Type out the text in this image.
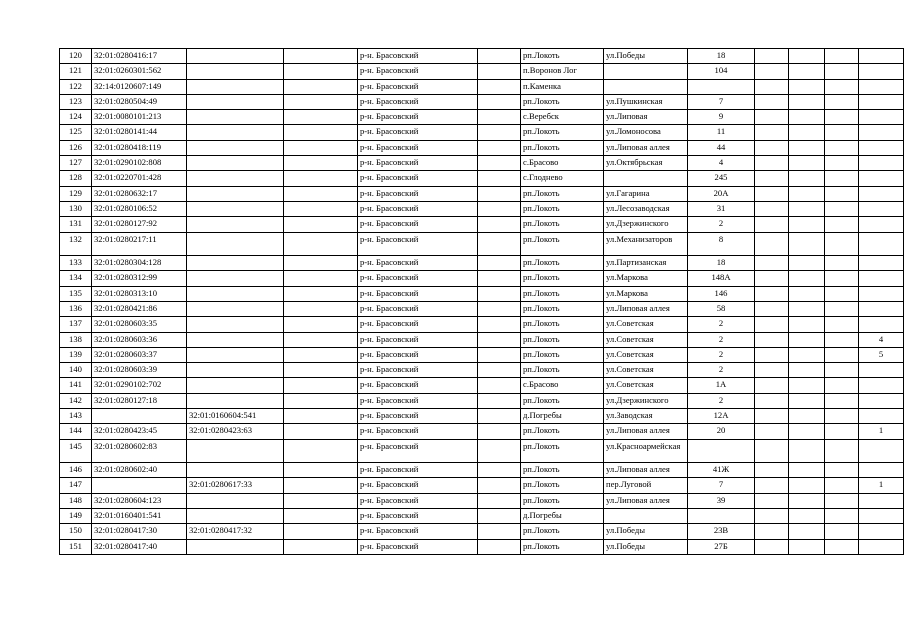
120	32:01:0280416:17			р-н. Брасовский		рп.Локоть	ул.Победы	18				
121	32:01:0260301:562			р-н. Брасовский		п.Воронов Лог		104				
122	32:14:0120607:149			р-н. Брасовский		п.Каменка						
123	32:01:0280504:49			р-н. Брасовский		рп.Локоть	ул.Пушкинская	7				
124	32:01:0080101:213			р-н. Брасовский		с.Веребск	ул.Липовая	9				
125	32:01:0280141:44			р-н. Брасовский		рп.Локоть	ул.Ломоносова	11				
126	32:01:0280418:119			р-н. Брасовский		рп.Локоть	ул.Липовая аллея	44				
127	32:01:0290102:808			р-н. Брасовский		с.Брасово	ул.Октябрьская	4				
128	32:01:0220701:428			р-н. Брасовский		с.Глоднево		245				
129	32:01:0280632:17			р-н. Брасовский		рп.Локоть	ул.Гагарина	20А				
130	32:01:0280106:52			р-н. Брасовский		рп.Локоть	ул.Лесозаводская	31				
131	32:01:0280127:92			р-н. Брасовский		рп.Локоть	ул.Дзержинского	2				
132	32:01:0280217:11			р-н. Брасовский		рп.Локоть	ул.Механизаторов	8				
133	32:01:0280304:128			р-н. Брасовский		рп.Локоть	ул.Партизанская	18				
134	32:01:0280312:99			р-н. Брасовский		рп.Локоть	ул.Маркова	148А				
135	32:01:0280313:10			р-н. Брасовский		рп.Локоть	ул.Маркова	146				
136	32:01:0280421:86			р-н. Брасовский		рп.Локоть	ул.Липовая аллея	58				
137	32:01:0280603:35			р-н. Брасовский		рп.Локоть	ул.Советская	2				
138	32:01:0280603:36			р-н. Брасовский		рп.Локоть	ул.Советская	2				4
139	32:01:0280603:37			р-н. Брасовский		рп.Локоть	ул.Советская	2				5
140	32:01:0280603:39			р-н. Брасовский		рп.Локоть	ул.Советская	2				
141	32:01:0290102:702			р-н. Брасовский		с.Брасово	ул.Советская	1А				
142	32:01:0280127:18			р-н. Брасовский		рп.Локоть	ул.Дзержинского	2				
143		32:01:0160604:541		р-н. Брасовский		д.Погребы	ул.Заводская	12А				
144	32:01:0280423:45	32:01:0280423:63		р-н. Брасовский		рп.Локоть	ул.Липовая аллея	20				1
145	32:01:0280602:83			р-н. Брасовский		рп.Локоть	ул.Красноармейская					
146	32:01:0280602:40			р-н. Брасовский		рп.Локоть	ул.Липовая аллея	41Ж				
147		32:01:0280617:33		р-н. Брасовский		рп.Локоть	пер.Луговой	7				1
148	32:01:0280604:123			р-н. Брасовский		рп.Локоть	ул.Липовая аллея	39				
149	32:01:0160401:541			р-н. Брасовский		д.Погребы						
150	32:01:0280417:30	32:01:0280417:32		р-н. Брасовский		рп.Локоть	ул.Победы	23В				
151	32:01:0280417:40			р-н. Брасовский		рп.Локоть	ул.Победы	27Б				
